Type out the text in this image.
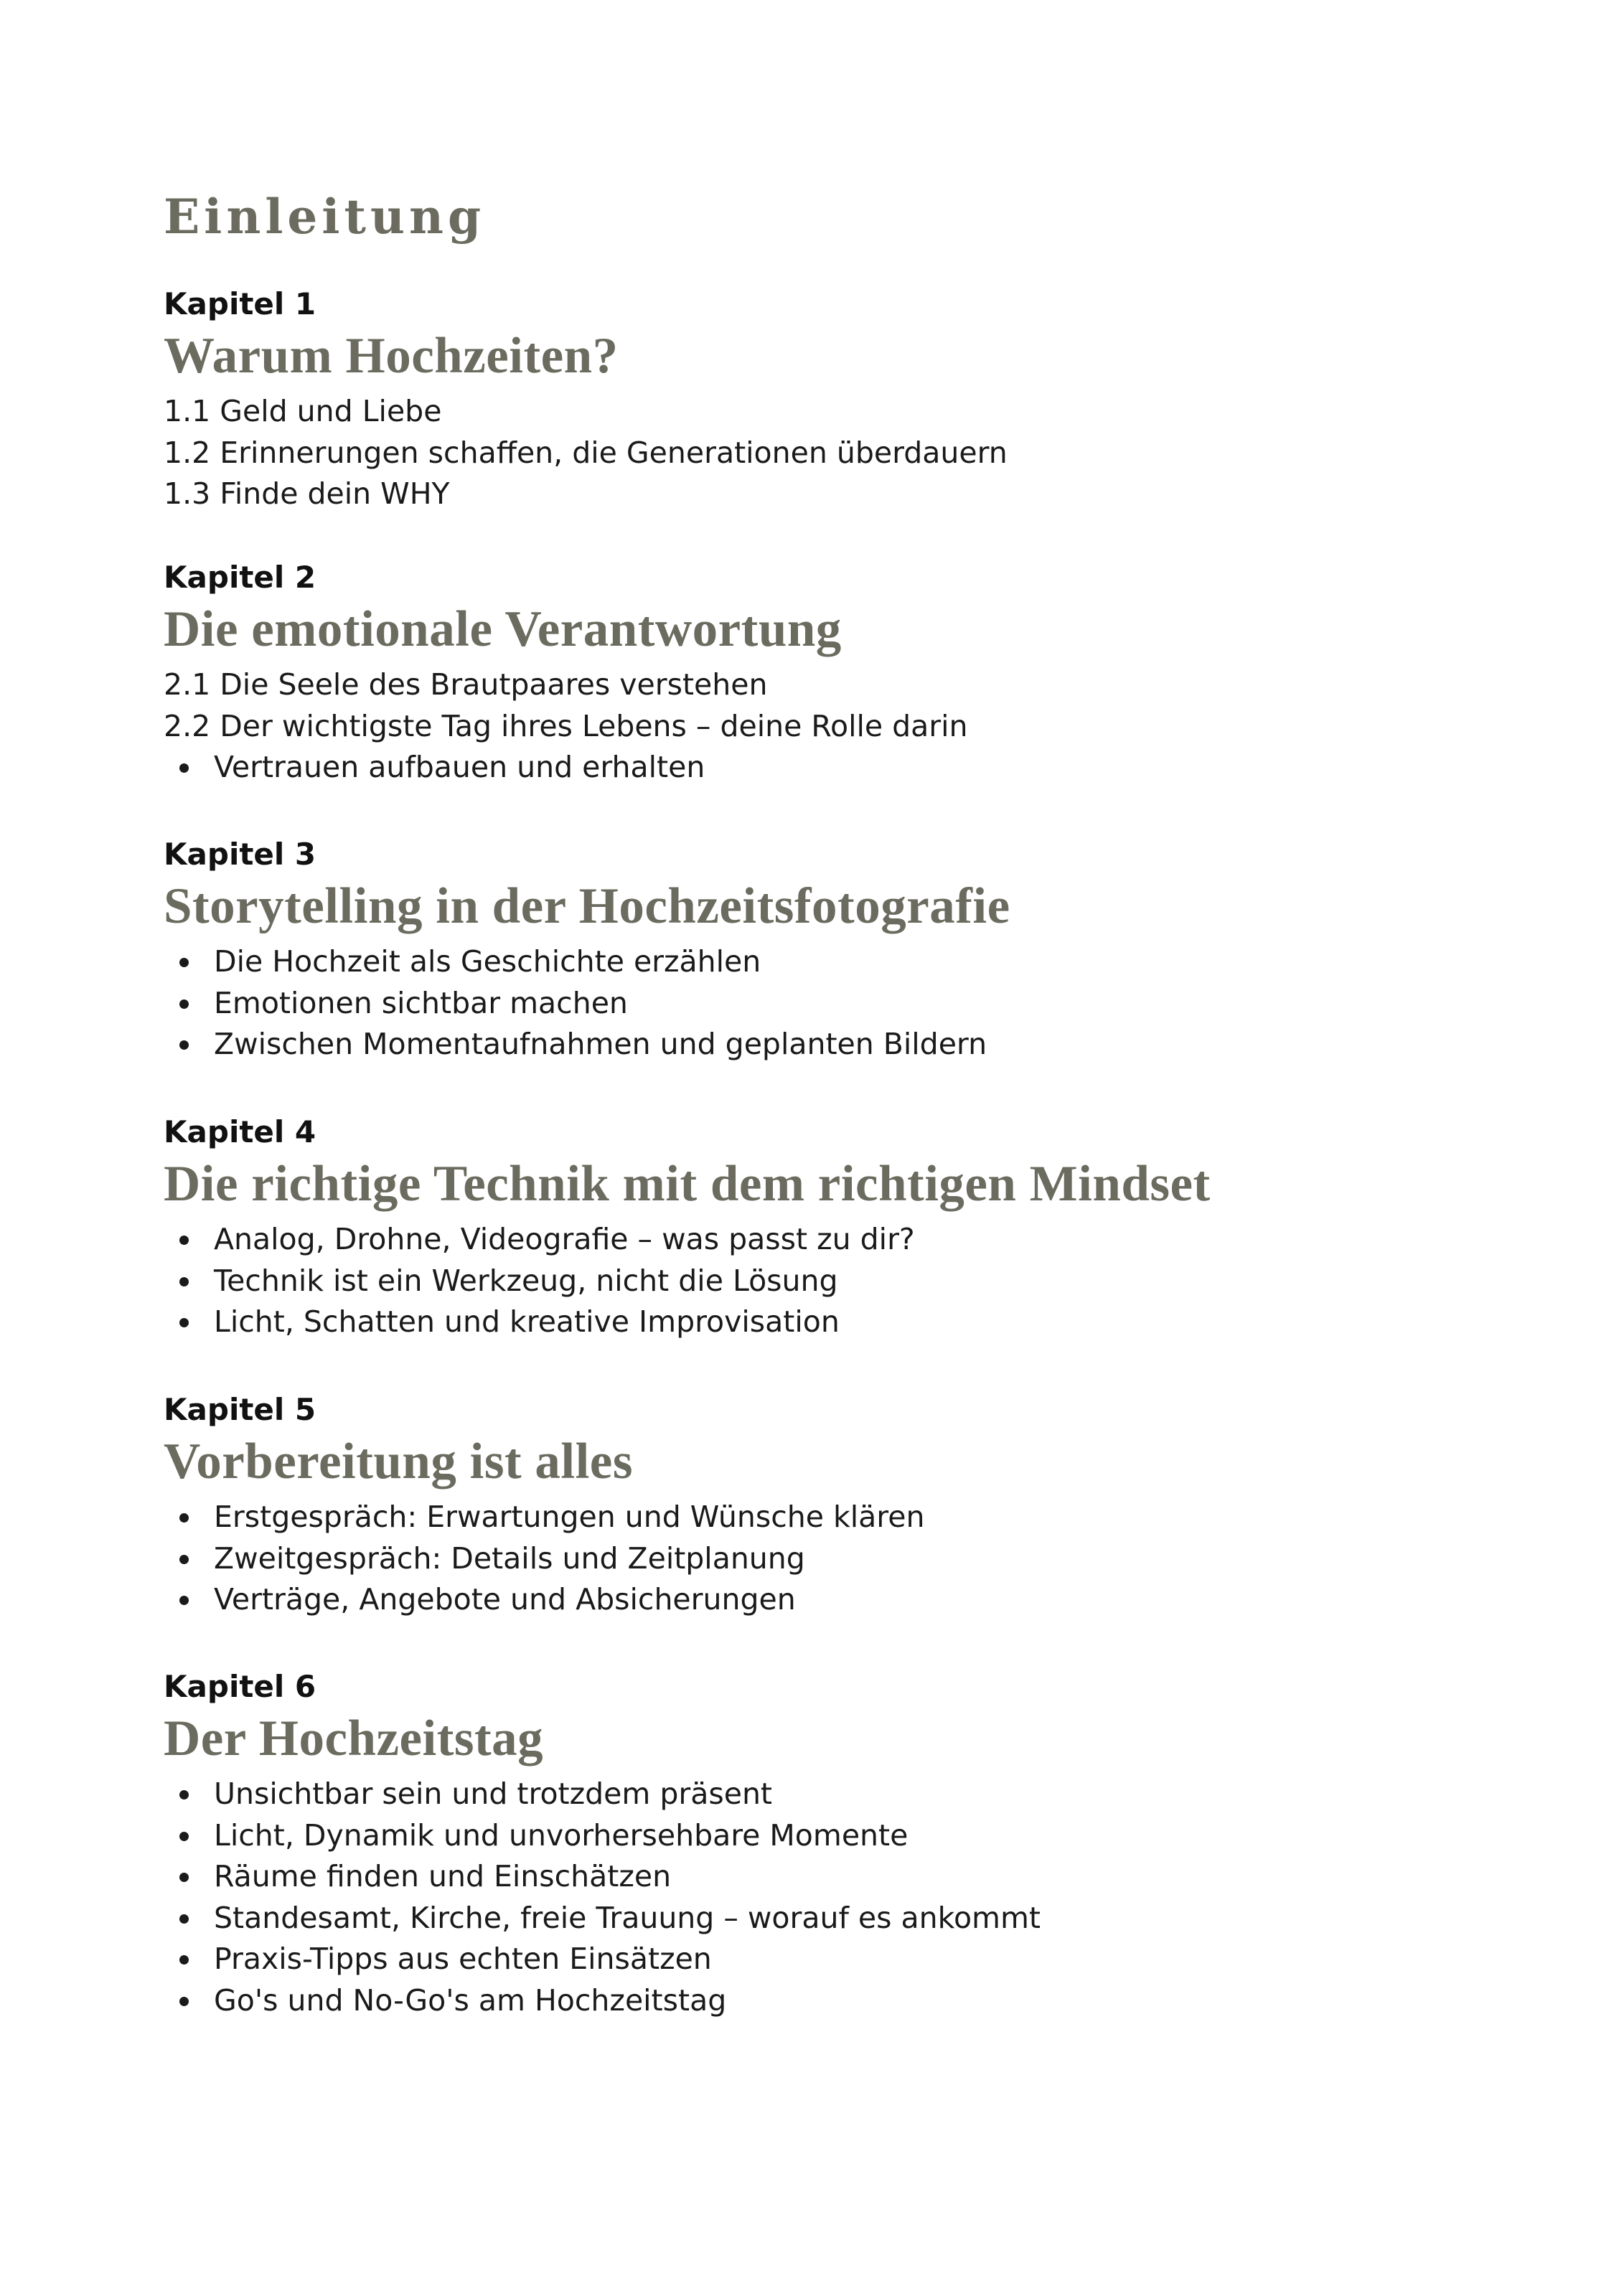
Einleitung

Kapitel 1

Warum Hochzeiten?
1.1 Geld und Liebe
1.2 Erinnerungen schaffen, die Generationen überdauern
1.3 Finde dein WHY

Kapitel 2

Die emotionale Verantwortung
2.1 Die Seele des Brautpaares verstehen
2.2 Der wichtigste Tag ihres Lebens – deine Rolle darin
Vertrauen aufbauen und erhalten

Kapitel 3

Storytelling in der Hochzeitsfotografie
Die Hochzeit als Geschichte erzählen
Emotionen sichtbar machen
Zwischen Momentaufnahmen und geplanten Bildern

Kapitel 4

Die richtige Technik mit dem richtigen Mindset
Analog, Drohne, Videografie – was passt zu dir?
Technik ist ein Werkzeug, nicht die Lösung
Licht, Schatten und kreative Improvisation

Kapitel 5

Vorbereitung ist alles
Erstgespräch: Erwartungen und Wünsche klären
Zweitgespräch: Details und Zeitplanung
Verträge, Angebote und Absicherungen

Kapitel 6

Der Hochzeitstag
Unsichtbar sein und trotzdem präsent
Licht, Dynamik und unvorhersehbare Momente
Räume finden und Einschätzen
Standesamt, Kirche, freie Trauung – worauf es ankommt
Praxis-Tipps aus echten Einsätzen
Go's und No-Go's am Hochzeitstag
